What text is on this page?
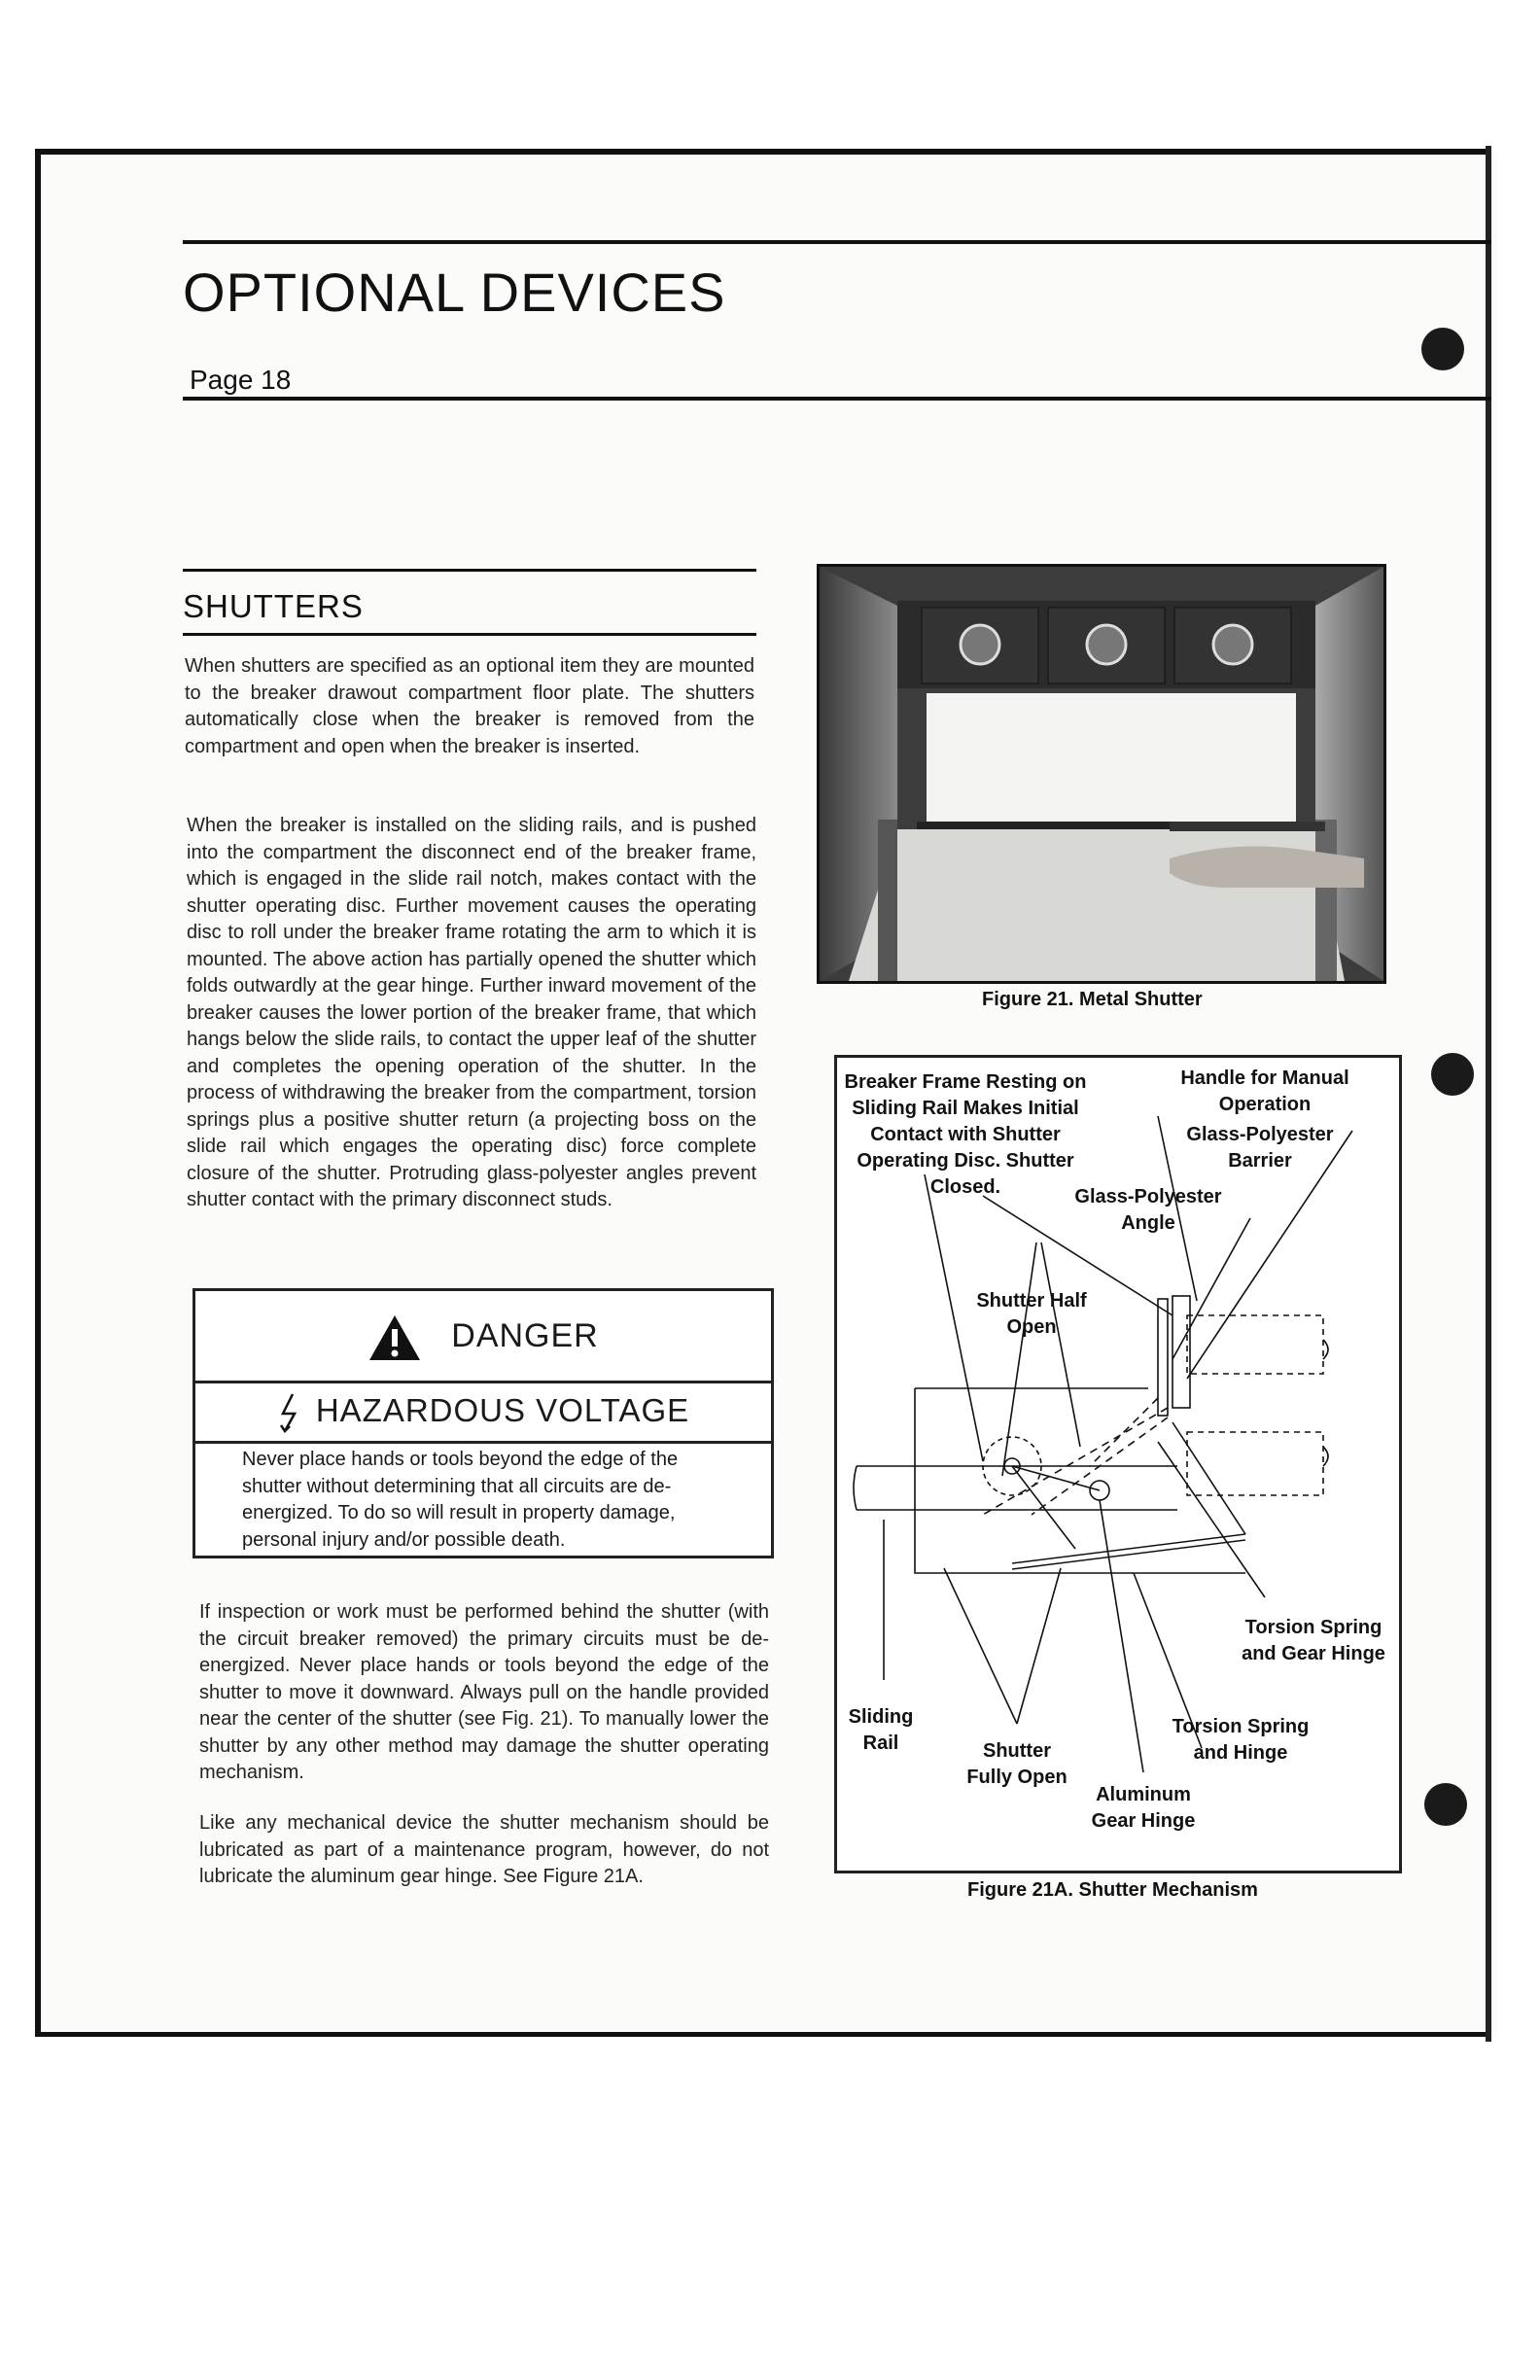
OPTIONAL DEVICES
Page 18
SHUTTERS
When shutters are specified as an optional item they are mounted to the breaker drawout compartment floor plate. The shutters automatically close when the breaker is removed from the compartment and open when the breaker is inserted.
When the breaker is installed on the sliding rails, and is pushed into the compartment the disconnect end of the breaker frame, which is engaged in the slide rail notch, makes contact with the shutter operating disc. Further movement causes the operating disc to roll under the breaker frame rotating the arm to which it is mounted. The above action has partially opened the shutter which folds outwardly at the gear hinge. Further inward movement of the breaker causes the lower portion of the breaker frame, that which hangs below the slide rails, to contact the upper leaf of the shutter and completes the opening operation of the shutter. In the process of withdrawing the breaker from the compartment, torsion springs plus a positive shutter return (a projecting boss on the slide rail which engages the operating disc) force complete closure of the shutter. Protruding glass-polyester angles prevent shutter contact with the primary disconnect studs.
DANGER
HAZARDOUS VOLTAGE
Never place hands or tools beyond the edge of the shutter without determining that all circuits are de-energized. To do so will result in property damage, personal injury and/or possible death.
If inspection or work must be performed behind the shutter (with the circuit breaker removed) the primary circuits must be de-energized. Never place hands or tools beyond the edge of the shutter to move it downward. Always pull on the handle provided near the center of the shutter (see Fig. 21). To manually lower the shutter by any other method may damage the shutter operating mechanism.
Like any mechanical device the shutter mechanism should be lubricated as part of a maintenance program, however, do not lubricate the aluminum gear hinge. See Figure 21A.
Figure 21. Metal Shutter
Breaker Frame Resting on Sliding Rail Makes Initial Contact with Shutter Operating Disc. Shutter Closed.
Handle for Manual Operation
Glass-Polyester Barrier
Glass-Polyester Angle
Shutter Half Open
Torsion Spring and Gear Hinge
Sliding Rail	Shutter Fully Open
Torsion Spring and Hinge
Aluminum Gear Hinge
Figure 21A. Shutter Mechanism
